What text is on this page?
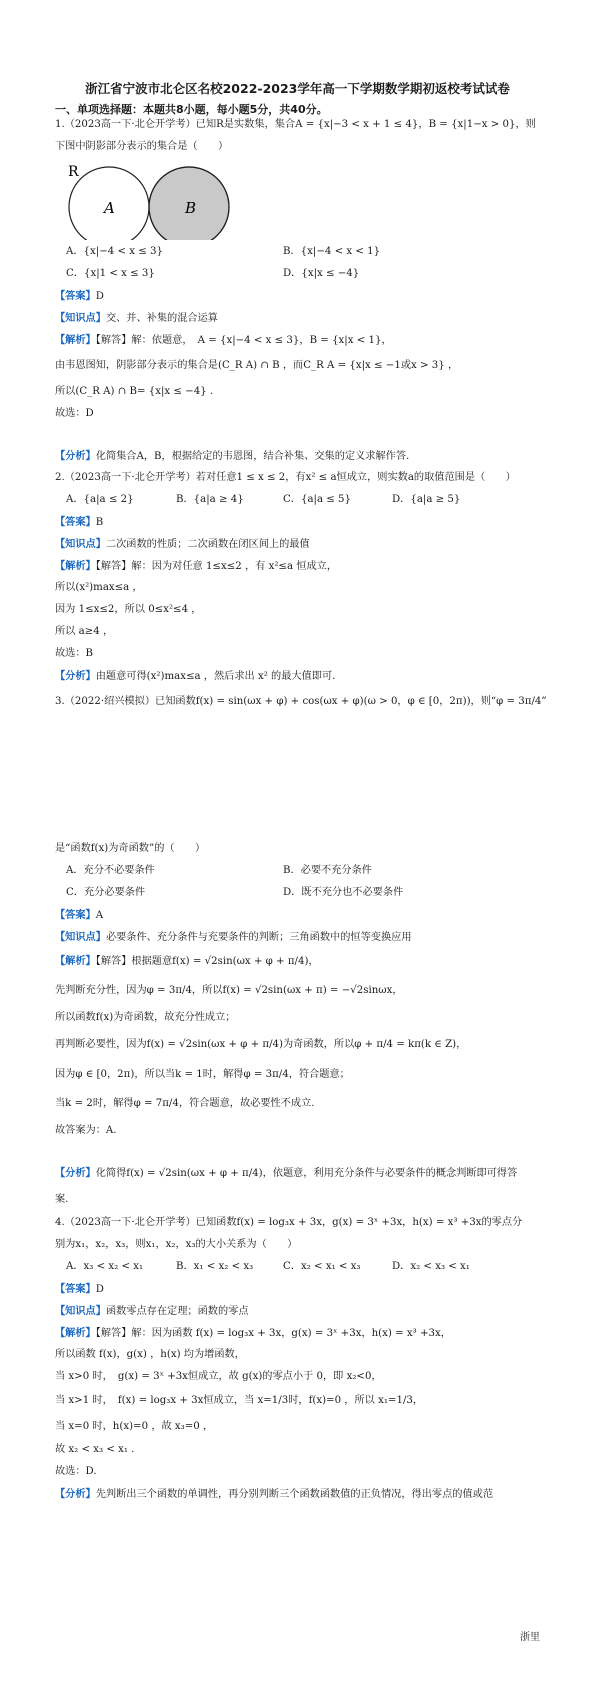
浙江省宁波市北仑区名校2022-2023学年高一下学期数学期初返校考试试卷
一、单项选择题：本题共8小题，每小题5分，共40分。
1.（2023高一下·北仑开学考）已知R是实数集，集合A = {x|−3 < x + 1 ≤ 4}，B = {x|1−x > 0}，则
下图中阴影部分表示的集合是（　　）
R
A	B
A．{x|−4 < x ≤ 3}	B．{x|−4 < x < 1}
C．{x|1 < x ≤ 3}	D．{x|x ≤ −4}
【答案】D
【知识点】交、并、补集的混合运算
【解析】【解答】解：依题意，　A = {x|−4 < x ≤ 3}，B = {x|x < 1}，
由韦恩图知，阴影部分表示的集合是(C_R A) ∩ B ，而C_R A = {x|x ≤ −1或x > 3} ，
所以(C_R A) ∩ B= {x|x ≤ −4} .
故选：D
【分析】化简集合A，B，根据给定的韦恩图，结合补集、交集的定义求解作答.
2.（2023高一下·北仑开学考）若对任意1 ≤ x ≤ 2，有x² ≤ a恒成立，则实数a的取值范围是（　　）
A．{a|a ≤ 2}	B．{a|a ≥ 4}	C．{a|a ≤ 5}	D．{a|a ≥ 5}
【答案】B
【知识点】二次函数的性质；二次函数在闭区间上的最值
【解析】【解答】解：因为对任意 1≤x≤2 ，有 x²≤a 恒成立，
所以(x²)max≤a ，
因为 1≤x≤2，所以 0≤x²≤4 ，
所以 a≥4 ，
故选：B
【分析】由题意可得(x²)max≤a ，然后求出 x² 的最大值即可.
3.（2022·绍兴模拟）已知函数f(x) = sin(ωx + φ) + cos(ωx + φ)(ω > 0，φ ∈ [0，2π))，则“φ = 3π/4”
是“函数f(x)为奇函数”的（　　）
A．充分不必要条件	B．必要不充分条件
C．充分必要条件	D．既不充分也不必要条件
【答案】A
【知识点】必要条件、充分条件与充要条件的判断；三角函数中的恒等变换应用
【解析】【解答】根据题意f(x) = √2sin(ωx + φ + π/4)，
先判断充分性，因为φ = 3π/4，所以f(x) = √2sin(ωx + π) = −√2sinωx，
所以函数f(x)为奇函数，故充分性成立；
再判断必要性，因为f(x) = √2sin(ωx + φ + π/4)为奇函数，所以φ + π/4 = kπ(k ∈ Z)，
因为φ ∈ [0，2π)，所以当k = 1时，解得φ = 3π/4，符合题意；
当k = 2时，解得φ = 7π/4，符合题意，故必要性不成立.
故答案为：A.
【分析】化简得f(x) = √2sin(ωx + φ + π/4)，依题意，利用充分条件与必要条件的概念判断即可得答
案.
4.（2023高一下·北仑开学考）已知函数f(x) = log₃x + 3x，g(x) = 3ˣ +3x，h(x) = x³ +3x的零点分
别为x₁，x₂，x₃，则x₁，x₂，x₃的大小关系为（　　）
A．x₃ < x₂ < x₁	B．x₁ < x₂ < x₃	C．x₂ < x₁ < x₃	D．x₂ < x₃ < x₁
【答案】D
【知识点】函数零点存在定理；函数的零点
【解析】【解答】解：因为函数 f(x) = log₃x + 3x，g(x) = 3ˣ +3x，h(x) = x³ +3x，
所以函数 f(x)，g(x) ，h(x) 均为增函数，
当 x>0 时，　g(x) = 3ˣ +3x恒成立，故 g(x)的零点小于 0，即 x₂<0，
当 x>1 时，　f(x) = log₃x + 3x恒成立，当 x=1/3时，f(x)=0 ，所以 x₁=1/3，
当 x=0 时，h(x)=0 ，故 x₃=0 ，
故 x₂ < x₃ < x₁ .
故选：D.
【分析】先判断出三个函数的单调性，再分别判断三个函数函数值的正负情况，得出零点的值或范
浙里
